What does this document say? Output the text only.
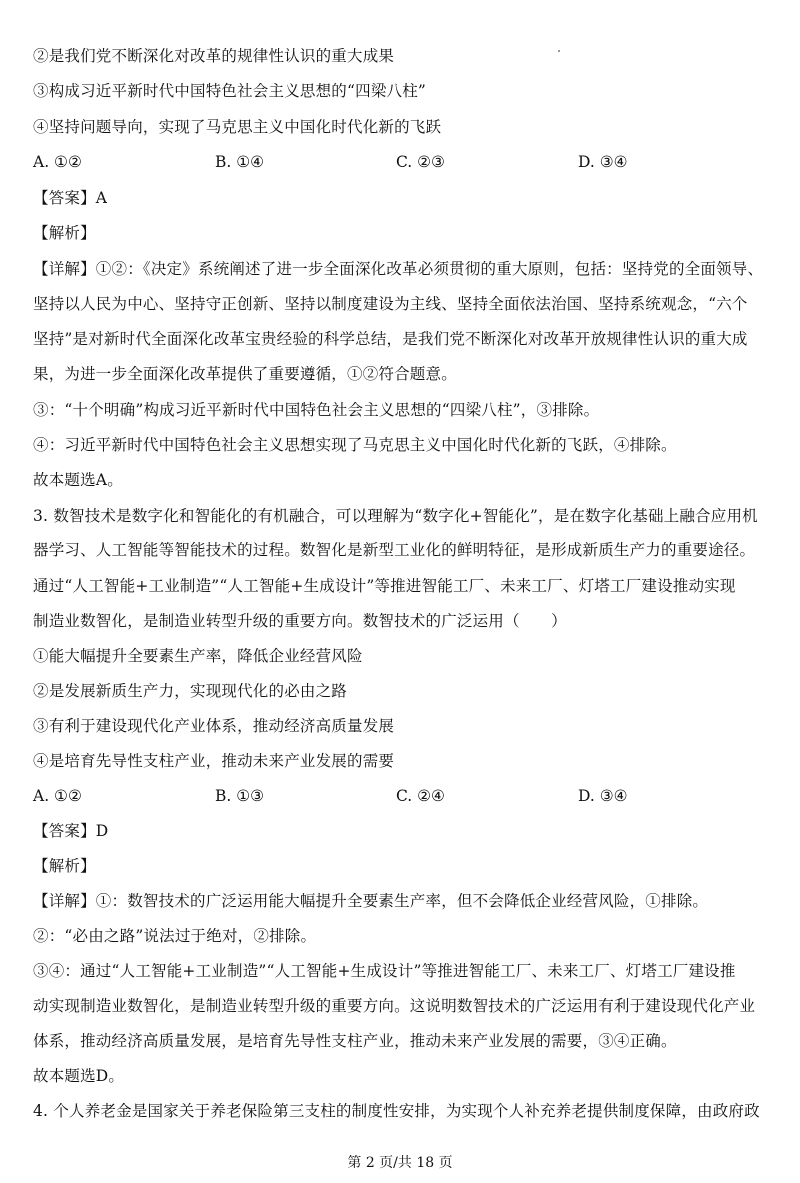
②是我们党不断深化对改革的规律性认识的重大成果
③构成习近平新时代中国特色社会主义思想的“四梁八柱”
④坚持问题导向，实现了马克思主义中国化时代化新的飞跃
A. ①②	B. ①④	C. ②③	D. ③④
【答案】A
【解析】
【详解】①②：《决定》系统阐述了进一步全面深化改革必须贯彻的重大原则，包括：坚持党的全面领导、
坚持以人民为中心、坚持守正创新、坚持以制度建设为主线、坚持全面依法治国、坚持系统观念，“六个
坚持”是对新时代全面深化改革宝贵经验的科学总结，是我们党不断深化对改革开放规律性认识的重大成
果，为进一步全面深化改革提供了重要遵循，①②符合题意。
③：“十个明确”构成习近平新时代中国特色社会主义思想的“四梁八柱”，③排除。
④：习近平新时代中国特色社会主义思想实现了马克思主义中国化时代化新的飞跃，④排除。
故本题选A。
3. 数智技术是数字化和智能化的有机融合，可以理解为“数字化+智能化”，是在数字化基础上融合应用机
器学习、人工智能等智能技术的过程。数智化是新型工业化的鲜明特征，是形成新质生产力的重要途径。
通过“人工智能+工业制造”“人工智能+生成设计”等推进智能工厂、未来工厂、灯塔工厂建设推动实现
制造业数智化，是制造业转型升级的重要方向。数智技术的广泛运用（　　）
①能大幅提升全要素生产率，降低企业经营风险
②是发展新质生产力，实现现代化的必由之路
③有利于建设现代化产业体系，推动经济高质量发展
④是培育先导性支柱产业，推动未来产业发展的需要
A. ①②	B. ①③	C. ②④	D. ③④
【答案】D
【解析】
【详解】①：数智技术的广泛运用能大幅提升全要素生产率，但不会降低企业经营风险，①排除。
②：“必由之路”说法过于绝对，②排除。
③④：通过“人工智能+工业制造”“人工智能+生成设计”等推进智能工厂、未来工厂、灯塔工厂建设推
动实现制造业数智化，是制造业转型升级的重要方向。这说明数智技术的广泛运用有利于建设现代化产业
体系，推动经济高质量发展，是培育先导性支柱产业，推动未来产业发展的需要，③④正确。
故本题选D。
4. 个人养老金是国家关于养老保险第三支柱的制度性安排，为实现个人补充养老提供制度保障，由政府政
第 2 页/共 18 页
